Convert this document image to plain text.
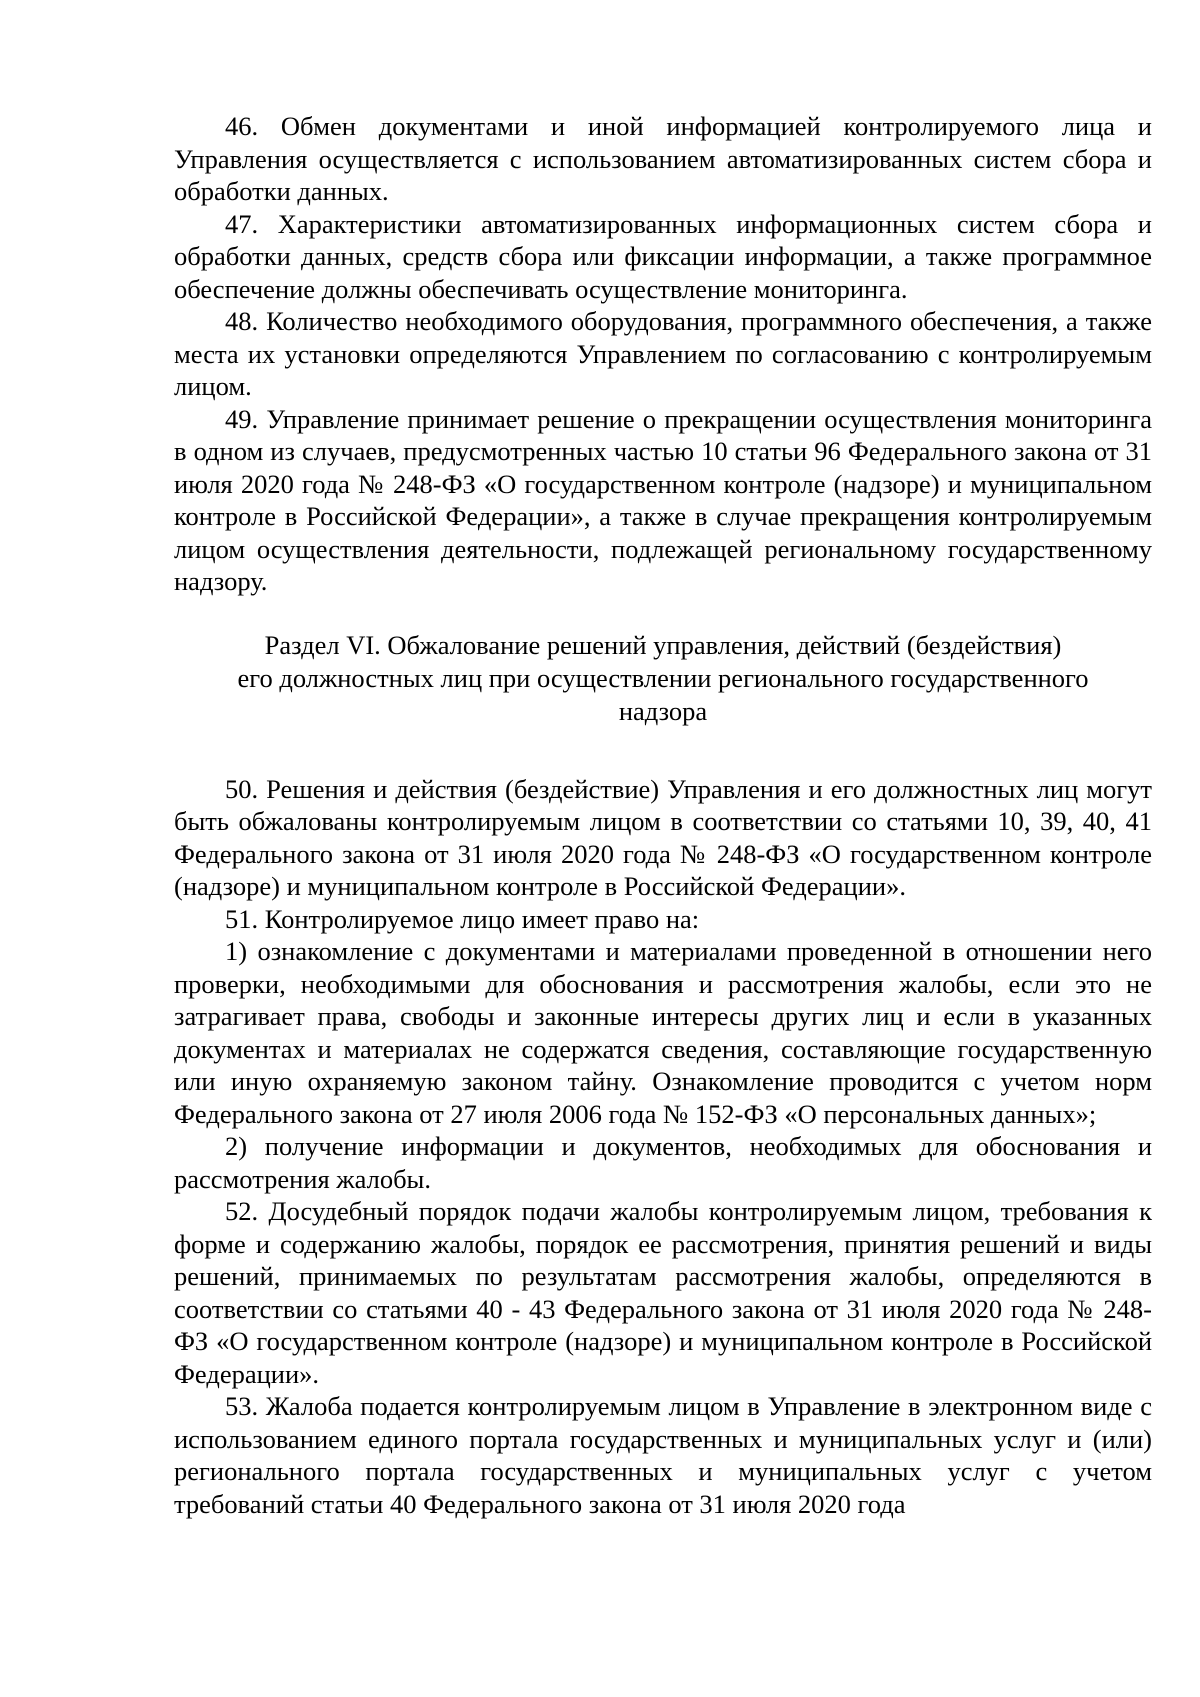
46. Обмен документами и иной информацией контролируемого лица и Управления осуществляется с использованием автоматизированных систем сбора и обработки данных.

47. Характеристики автоматизированных информационных систем сбора и обработки данных, средств сбора или фиксации информации, а также программное обеспечение должны обеспечивать осуществление мониторинга.

48. Количество необходимого оборудования, программного обеспечения, а также места их установки определяются Управлением по согласованию с контролируемым лицом.

49. Управление принимает решение о прекращении осуществления мониторинга в одном из случаев, предусмотренных частью 10 статьи 96 Федерального закона от 31 июля 2020 года № 248-ФЗ «О государственном контроле (надзоре) и муниципальном контроле в Российской Федерации», а также в случае прекращения контролируемым лицом осуществления деятельности, подлежащей региональному государственному надзору.

Раздел VI. Обжалование решений управления, действий (бездействия)
его должностных лиц при осуществлении регионального государственного
надзора

50. Решения и действия (бездействие) Управления и его должностных лиц могут быть обжалованы контролируемым лицом в соответствии со статьями 10, 39, 40, 41 Федерального закона от 31 июля 2020 года № 248-ФЗ «О государственном контроле (надзоре) и муниципальном контроле в Российской Федерации».

51. Контролируемое лицо имеет право на:

1) ознакомление с документами и материалами проведенной в отношении него проверки, необходимыми для обоснования и рассмотрения жалобы, если это не затрагивает права, свободы и законные интересы других лиц и если в указанных документах и материалах не содержатся сведения, составляющие государственную или иную охраняемую законом тайну. Ознакомление проводится с учетом норм Федерального закона от 27 июля 2006 года № 152-ФЗ «О персональных данных»;

2) получение информации и документов, необходимых для обоснования и рассмотрения жалобы.

52. Досудебный порядок подачи жалобы контролируемым лицом, требования к форме и содержанию жалобы, порядок ее рассмотрения, принятия решений и виды решений, принимаемых по результатам рассмотрения жалобы, определяются в соответствии со статьями 40 - 43 Федерального закона от 31 июля 2020 года № 248-ФЗ «О государственном контроле (надзоре) и муниципальном контроле в Российской Федерации».

53. Жалоба подается контролируемым лицом в Управление в электронном виде с использованием единого портала государственных и муниципальных услуг и (или) регионального портала государственных и муниципальных услуг с учетом требований статьи 40 Федерального закона от 31 июля 2020 года
